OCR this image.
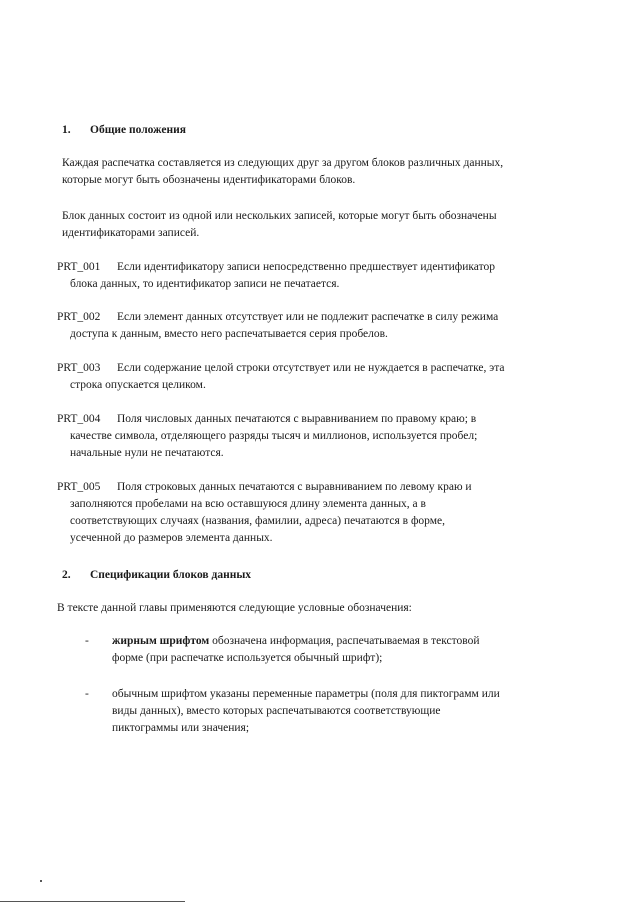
1. Общие положения
Каждая распечатка составляется из следующих друг за другом блоков различных данных,
которые могут быть обозначены идентификаторами блоков.
Блок данных состоит из одной или нескольких записей, которые могут быть обозначены
идентификаторами записей.
PRT_001 Если идентификатору записи непосредственно предшествует идентификатор
блока данных, то идентификатор записи не печатается.
PRT_002 Если элемент данных отсутствует или не подлежит распечатке в силу режима
доступа к данным, вместо него распечатывается серия пробелов.
PRT_003 Если содержание целой строки отсутствует или не нуждается в распечатке, эта
строка опускается целиком.
PRT_004 Поля числовых данных печатаются с выравниванием по правому краю; в
качестве символа, отделяющего разряды тысяч и миллионов, используется пробел;
начальные нули не печатаются.
PRT_005 Поля строковых данных печатаются с выравниванием по левому краю и
заполняются пробелами на всю оставшуюся длину элемента данных, а в
соответствующих случаях (названия, фамилии, адреса) печатаются в форме,
усеченной до размеров элемента данных.
2. Спецификации блоков данных
В тексте данной главы применяются следующие условные обозначения:
- жирным шрифтом обозначена информация, распечатываемая в текстовой
форме (при распечатке используется обычный шрифт);
- обычным шрифтом указаны переменные параметры (поля для пиктограмм или
виды данных), вместо которых распечатываются соответствующие
пиктограммы или значения;
